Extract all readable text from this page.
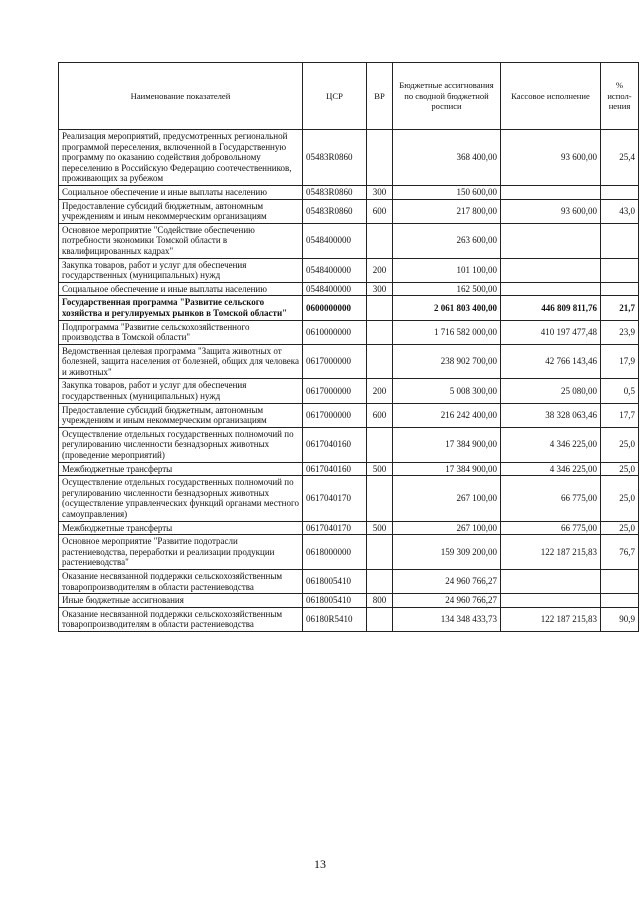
Наименование показателей	ЦСР	ВР	Бюджетные ассигнования по сводной бюджетной росписи	Кассовое исполнение	% испол-нения
Реализация мероприятий, предусмотренных региональной программой переселения, включенной в Государственную программу по оказанию содействия добровольному переселению в Российскую Федерацию соотечественников, проживающих за рубежом	05483R0860		368 400,00	93 600,00	25,4
Социальное обеспечение и иные выплаты населению	05483R0860	300	150 600,00		
Предоставление субсидий бюджетным, автономным учреждениям и иным некоммерческим организациям	05483R0860	600	217 800,00	93 600,00	43,0
Основное мероприятие "Содействие обеспечению потребности экономики Томской области в квалифицированных кадрах"	0548400000		263 600,00		
Закупка товаров, работ и услуг для обеспечения государственных (муниципальных) нужд	0548400000	200	101 100,00		
Социальное обеспечение и иные выплаты населению	0548400000	300	162 500,00		
Государственная программа "Развитие сельского хозяйства и регулируемых рынков в Томской области"	0600000000		2 061 803 400,00	446 809 811,76	21,7
Подпрограмма "Развитие сельскохозяйственного производства в Томской области"	0610000000		1 716 582 000,00	410 197 477,48	23,9
Ведомственная целевая программа "Защита животных от болезней, защита населения от болезней, общих для человека и животных"	0617000000		238 902 700,00	42 766 143,46	17,9
Закупка товаров, работ и услуг для обеспечения государственных (муниципальных) нужд	0617000000	200	5 008 300,00	25 080,00	0,5
Предоставление субсидий бюджетным, автономным учреждениям и иным некоммерческим организациям	0617000000	600	216 242 400,00	38 328 063,46	17,7
Осуществление отдельных государственных полномочий по регулированию численности безнадзорных животных (проведение мероприятий)	0617040160		17 384 900,00	4 346 225,00	25,0
Межбюджетные трансферты	0617040160	500	17 384 900,00	4 346 225,00	25,0
Осуществление отдельных государственных полномочий по регулированию численности безнадзорных животных (осуществление управленческих функций органами местного самоуправления)	0617040170		267 100,00	66 775,00	25,0
Межбюджетные трансферты	0617040170	500	267 100,00	66 775,00	25,0
Основное мероприятие "Развитие подотрасли растениеводства, переработки и реализации продукции растениеводства"	0618000000		159 309 200,00	122 187 215,83	76,7
Оказание несвязанной поддержки сельскохозяйственным товаропроизводителям в области растениеводства	0618005410		24 960 766,27		
Иные бюджетные ассигнования	0618005410	800	24 960 766,27		
Оказание несвязанной поддержки сельскохозяйственным товаропроизводителям в области растениеводства	06180R5410		134 348 433,73	122 187 215,83	90,9
13
